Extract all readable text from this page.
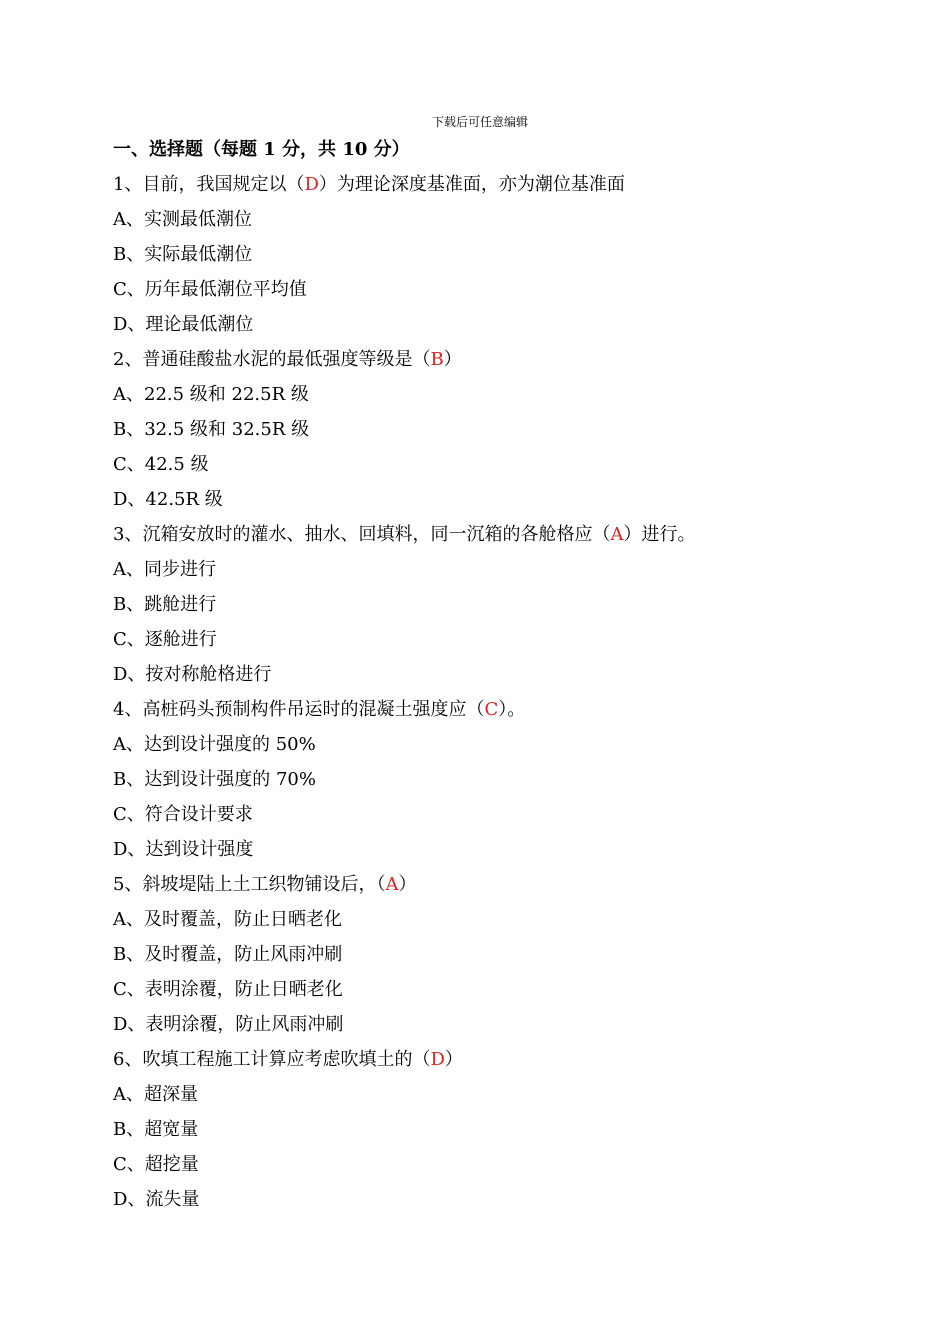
下载后可任意编辑
一、选择题（每题 1 分，共 10 分）
1、目前，我国规定以（D）为理论深度基准面，亦为潮位基准面
A、实测最低潮位
B、实际最低潮位
C、历年最低潮位平均值
D、理论最低潮位
2、普通硅酸盐水泥的最低强度等级是（B）
A、22.5 级和 22.5R 级
B、32.5 级和 32.5R 级
C、42.5 级
D、42.5R 级
3、沉箱安放时的灌水、抽水、回填料，同一沉箱的各舱格应（A）进行。
A、同步进行
B、跳舱进行
C、逐舱进行
D、按对称舱格进行
4、高桩码头预制构件吊运时的混凝土强度应（C）。
A、达到设计强度的 50%
B、达到设计强度的 70%
C、符合设计要求
D、达到设计强度
5、斜坡堤陆上土工织物铺设后，（A）
A、及时覆盖，防止日晒老化
B、及时覆盖，防止风雨冲刷
C、表明涂覆，防止日晒老化
D、表明涂覆，防止风雨冲刷
6、吹填工程施工计算应考虑吹填土的（D）
A、超深量
B、超宽量
C、超挖量
D、流失量
